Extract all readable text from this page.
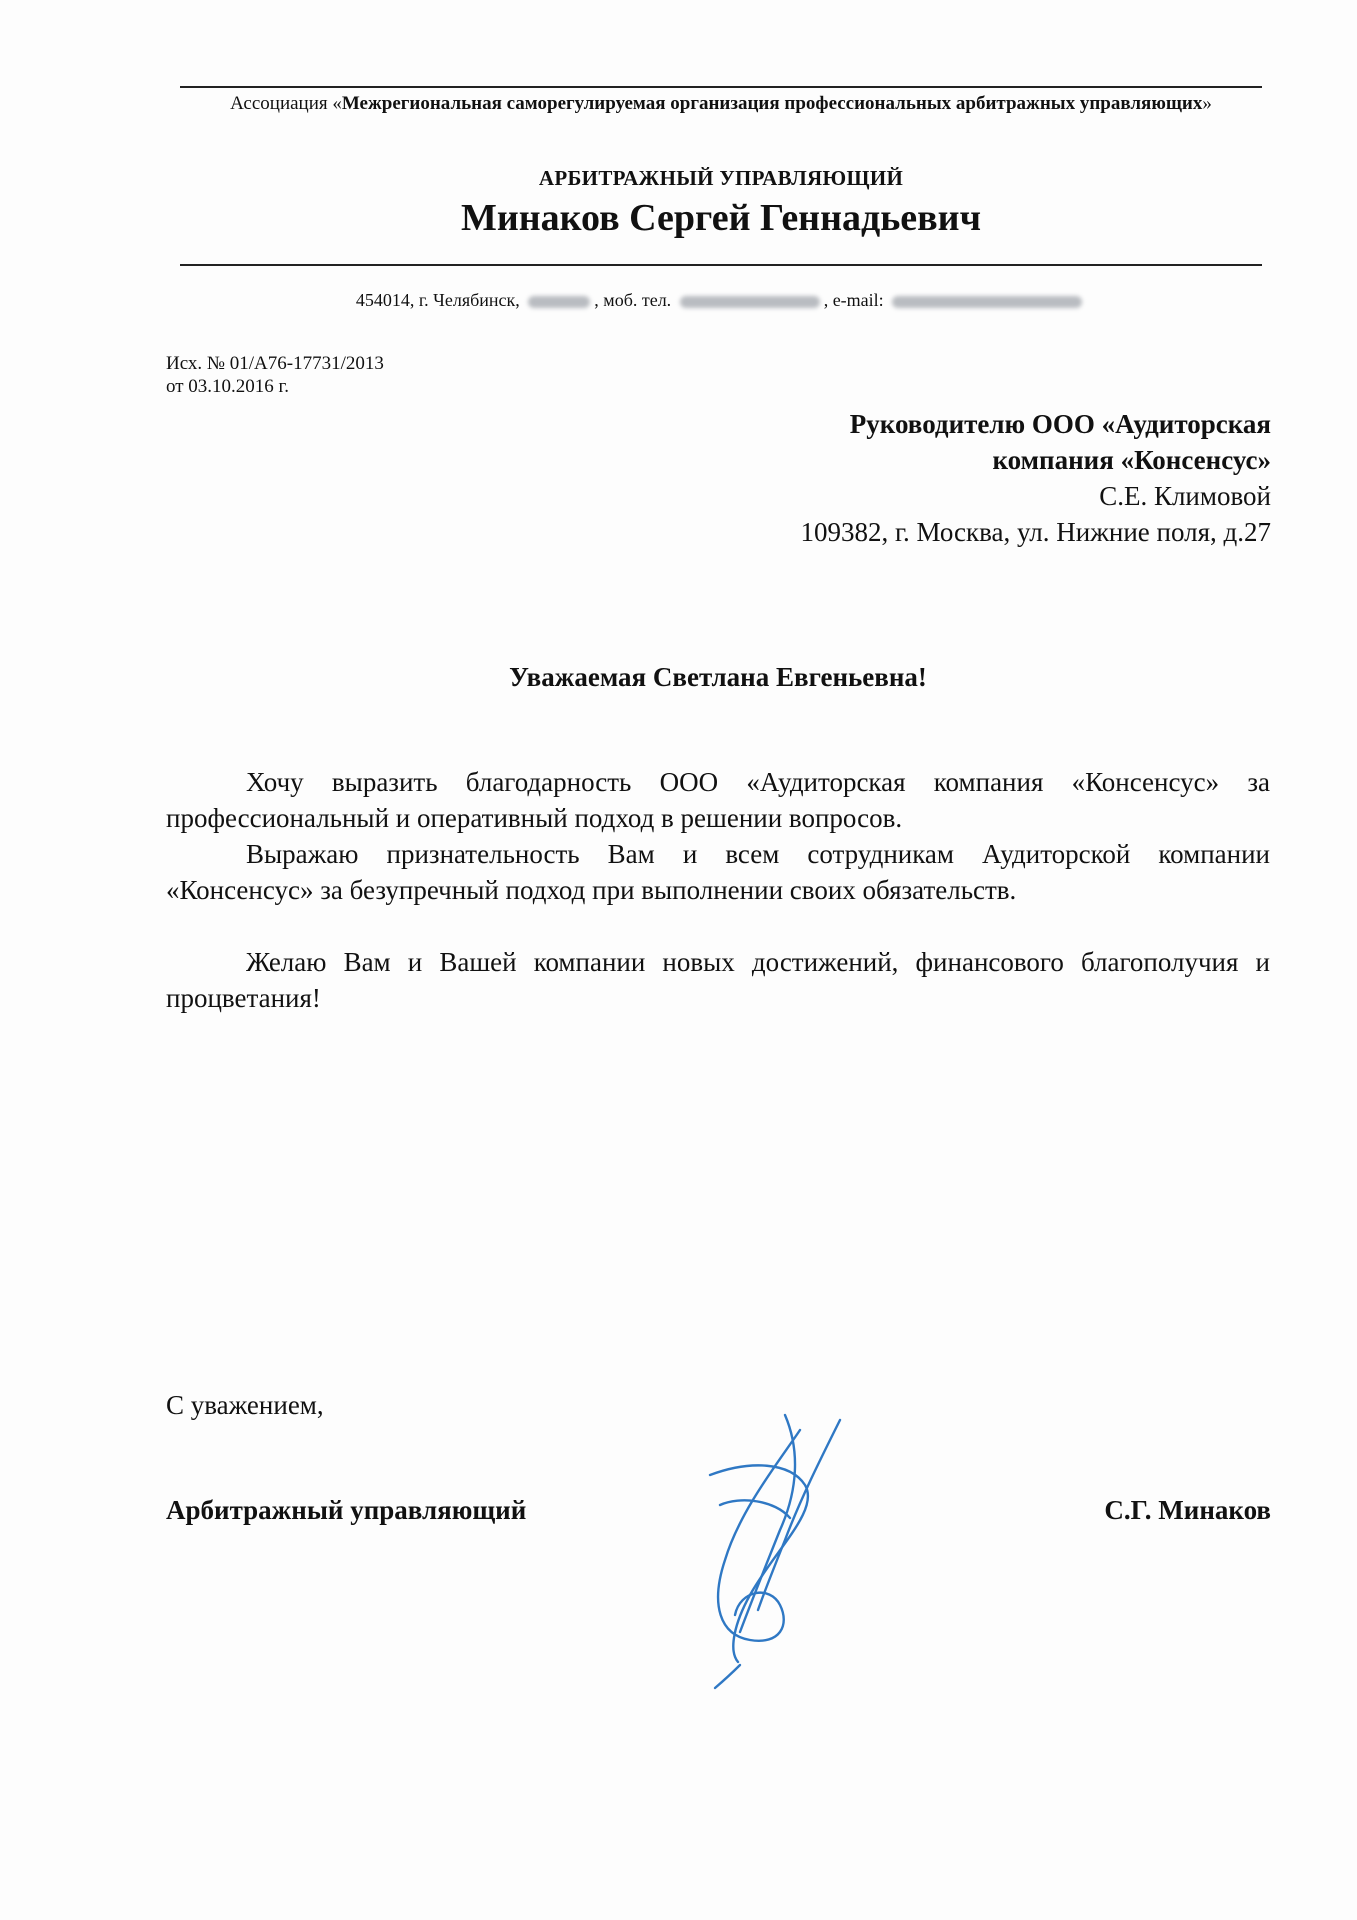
Ассоциация «Межрегиональная саморегулируемая организация профессиональных арбитражных управляющих»
АРБИТРАЖНЫЙ УПРАВЛЯЮЩИЙ
Минаков Сергей Геннадьевич
454014, г. Челябинск,	, моб. тел.	, e-mail:
Исх. № 01/А76-17731/2013
от 03.10.2016 г.
Руководителю ООО «Аудиторская
компания «Консенсус»
С.Е. Климовой
109382, г. Москва, ул. Нижние поля, д.27
Уважаемая Светлана Евгеньевна!

Хочу выразить благодарность ООО «Аудиторская компания «Консенсус» за профессиональный и оперативный подход в решении вопросов.

Выражаю признательность Вам и всем сотрудникам Аудиторской компании «Консенсус» за безупречный подход при выполнении своих обязательств.

Желаю Вам и Вашей компании новых достижений, финансового благополучия и процветания!

С уважением,
Арбитражный управляющий	С.Г. Минаков
